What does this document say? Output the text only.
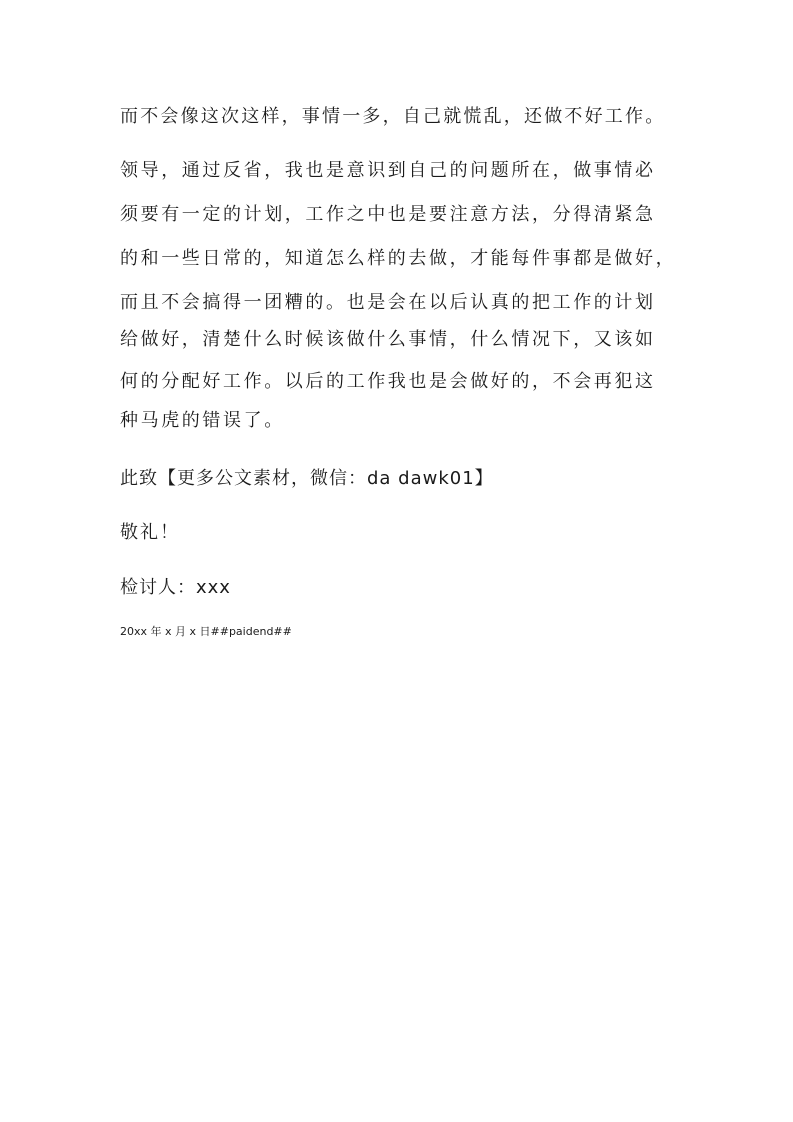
而不会像这次这样，事情一多，自己就慌乱，还做不好工作。
领导，通过反省，我也是意识到自己的问题所在，做事情必
须要有一定的计划，工作之中也是要注意方法，分得清紧急
的和一些日常的，知道怎么样的去做，才能每件事都是做好，
而且不会搞得一团糟的。也是会在以后认真的把工作的计划
给做好，清楚什么时候该做什么事情，什么情况下，又该如
何的分配好工作。以后的工作我也是会做好的，不会再犯这
种马虎的错误了。
此致【更多公文素材，微信：da dawk01】
敬礼！
检讨人：xxx
20xx 年 x 月 x 日##paidend##
